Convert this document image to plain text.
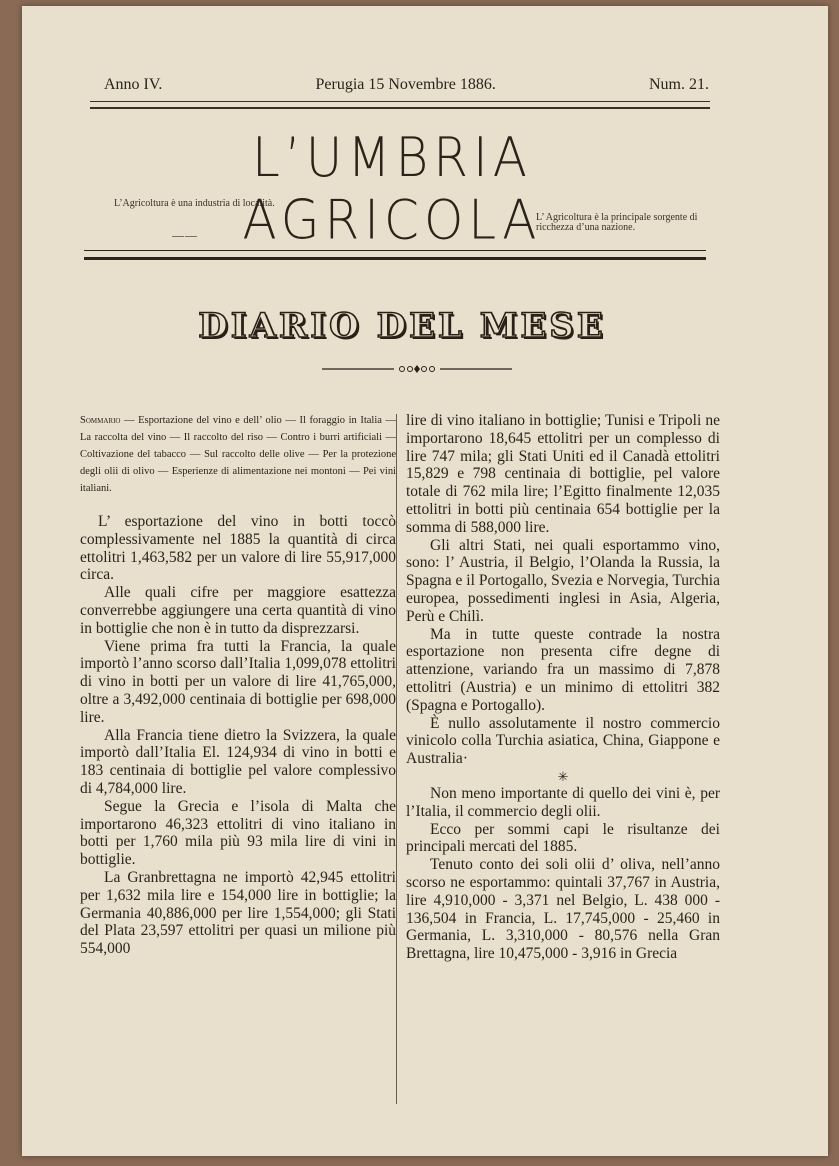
Anno IV.	Perugia 15 Novembre 1886.	Num. 21.
L’UMBRIA AGRICOLA
L’Agricoltura è una industria di località.
——
L’ Agricoltura è la principale sorgente di ricchezza d’una nazione.
——
DIARIO DEL MESE
Sommario — Esportazione del vino e dell’ olio — Il foraggio in Italia — La raccolta del vino — Il raccolto del riso — Contro i burri artificiali — Coltivazione del tabacco — Sul raccolto delle olive — Per la protezione degli olii di olivo — Esperienze di alimentazione nei montoni — Pei vini italiani.

L’ esportazione del vino in botti toccò complessivamente nel 1885 la quantità di circa ettolitri 1,463,582 per un valore di lire 55,917,000 circa.

Alle quali cifre per maggiore esattezza converrebbe aggiungere una certa quantità di vino in bottiglie che non è in tutto da disprezzarsi.

Viene prima fra tutti la Francia, la quale importò l’anno scorso dall’Italia 1,099,078 ettolitri di vino in botti per un valore di lire 41,765,000, oltre a 3,492,000 centinaia di bottiglie per 698,000 lire.

Alla Francia tiene dietro la Svizzera, la quale importò dall’Italia El. 124,934 di vino in botti e 183 centinaia di bottiglie pel valore complessivo di 4,784,000 lire.

Segue la Grecia e l’isola di Malta che importarono 46,323 ettolitri di vino italiano in botti per 1,760 mila più 93 mila lire di vini in bottiglie.

La Granbrettagna ne importò 42,945 ettolitri per 1,632 mila lire e 154,000 lire in bottiglie; la Germania 40,886,000 per lire 1,554,000; gli Stati del Plata 23,597 ettolitri per quasi un milione più 554,000

lire di vino italiano in bottiglie; Tunisi e Tripoli ne importarono 18,645 ettolitri per un complesso di lire 747 mila; gli Stati Uniti ed il Canadà ettolitri 15,829 e 798 centinaia di bottiglie, pel valore totale di 762 mila lire; l’Egitto finalmente 12,035 ettolitri in botti più centinaia 654 bottiglie per la somma di 588,000 lire.

Gli altri Stati, nei quali esportammo vino, sono: l’ Austria, il Belgio, l’Olanda la Russia, la Spagna e il Portogallo, Svezia e Norvegia, Turchia europea, possedimenti inglesi in Asia, Algeria, Perù e Chilì.

Ma in tutte queste contrade la nostra esportazione non presenta cifre degne di attenzione, variando fra un massimo di 7,878 ettolitri (Austria) e un minimo di ettolitri 382 (Spagna e Portogallo).

È nullo assolutamente il nostro commercio vinicolo colla Turchia asiatica, China, Giappone e Australia·

✳

Non meno importante di quello dei vini è, per l’Italia, il commercio degli olii.

Ecco per sommi capi le risultanze dei principali mercati del 1885.

Tenuto conto dei soli olii d’ oliva, nell’anno scorso ne esportammo: quintali 37,767 in Austria, lire 4,910,000 - 3,371 nel Belgio, L. 438 000 - 136,504 in Francia, L. 17,745,000 - 25,460 in Germania, L. 3,310,000 - 80,576 nella Gran Brettagna, lire 10,475,000 - 3,916 in Grecia
